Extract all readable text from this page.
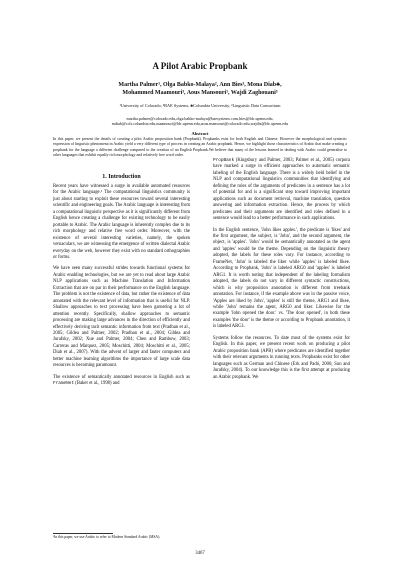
A Pilot Arabic Propbank
Martha Palmer¹, Olga Babko-Malaya², Ann Bies³, Mona Diab♣,
Mohammed Maamouri³, Aous Mansouri¹, Wajdi Zaghouani³
¹University of Colorado, ²BAE Systems, ♣Columbia University, ³Linguistic Data Consortium
martha.palmer@colorado.edu,olga.babko-malaya@baesystems.com,bies@ldc.upenn.edu,
mdiab@ccls.columbia.edu,maamouri@ldc.upenn.edu,aous.mansouri@colorado.edu,wajdiz@ldc.upenn.edu
Abstract
In this paper, we present the details of creating a pilot Arabic proposition bank (Propbank). Propbanks exist for both English and Chinese. However the morphological and syntactic expression of linguistic phenomena in Arabic yield a very different type of process in creating an Arabic propbank. Hence, we highlight those characteristics of Arabic that make creating a propbank for the language a different challenge compared to the creation of an English Propbank.We believe that many of the lessons learned in dealing with Arabic could generalise to other languages that exhibit equally rich morphology and relatively free word order.
1. Introduction

Recent years have witnessed a surge in available automated resources for the Arabic language.¹ The computational linguistics community is just about starting to exploit these resources toward several interesting scientific and engineering goals. The Arabic language is interesting from a computational linguistic perspective as it is significantly different from English hence creating a challenge for existing technology to be easily portable to Arabic. The Arabic language is inherently complex due to its rich morphology and relative free word order. Moreover, with the existence of several interesting varieties, namely, the spoken vernaculars, we are witnessing the emergence of written dialectal Arabic everyday on the web, however they exist with no standard orthographies or forms.

We have seen many successful strides towards functional systems for Arabic enabling technologies, but we are yet to read about large Arabic NLP applications such as Machine Translation and Information Extraction that are on par in their performance on the English language. The problem is not the existence of data, but rather the existence of data annotated with the relevant level of information that is useful for NLP. Shallow approaches to text processing have been garnering a lot of attention recently. Specifically, shallow approaches to semantic processing are making large advances in the direction of efficiently and effectively deriving tacit semantic information from text (Pradhan et al., 2005; Gildea and Palmer, 2002; Pradhan et al., 2004; Gildea and Jurafsky, 2002; Xue and Palmer, 2004; Chen and Rambow, 2003; Carreras and Màrquez, 2005; Moschitti, 2004; Moschitti et al., 2005; Diab et al., 2007). With the advent of larger and faster computers and better machine learning algorithms the importance of large scale data resources is becoming paramount.

The existence of semantically annotated resources in English such as FrameNet (Baker et al., 1998) and

¹In this paper, we use Arabic to refer to Modern Standard Arabic (MSA).

PropBank (Kingsbury and Palmer, 2003; Palmer et al., 2005) corpora have marked a surge in efficient approaches to automatic semantic labeling of the English language. There is a widely held belief in the NLP and computational linguistics communities that identifying and defining the roles of the arguments of predicates in a sentence has a lot of potential for and is a significant step toward improving important applications such as document retrieval, machine translation, question answering and information extraction. Hence, the process by which predicates and their arguments are identified and roles defined in a sentence would lead to a better performance in such applications.

In the English sentence, 'John likes apples.', the predicate is 'likes' and the first argument, the subject, is 'John', and the second argument, the object, is 'apples'. 'John' would be semantically annotated as the agent and 'apples' would be the theme. Depending on the linguistic theory adopted, the labels for these roles vary. For instance, according to FrameNet, 'John' is labeled the liker while 'apples' is labeled likee. According to Propbank, 'John' is labeled ARG0 and 'apples' is labeled ARG1. It is worth noting that independent of the labeling formalism adopted, the labels do not vary in different syntactic constructions, which is why proposition annotation is different from treebank annotation. For instance, if the example above was in the passive voice, 'Apples are liked by John', 'apples' is still the theme, ARG1 and likee, while 'John' remains the agent, ARG0 and liker. Likewise for the example 'John opened the door.' vs. 'The door opened', in both these examples 'the door' is the theme or according to Propbank annotation, it is labeled ARG1.

Systems follow the resources. To date most of the systems exist for English. In this paper, we present recent work on producing a pilot Arabic proposition bank (APB) where predicates are identified together with their relevant arguments in running texts. Propbanks exist for other languages such as German and Chinese (Erk and Padó, 2006; Sun and Jurafsky, 2004). To our knowledge this is the first attempt at producing an Arabic propbank. We

3467
